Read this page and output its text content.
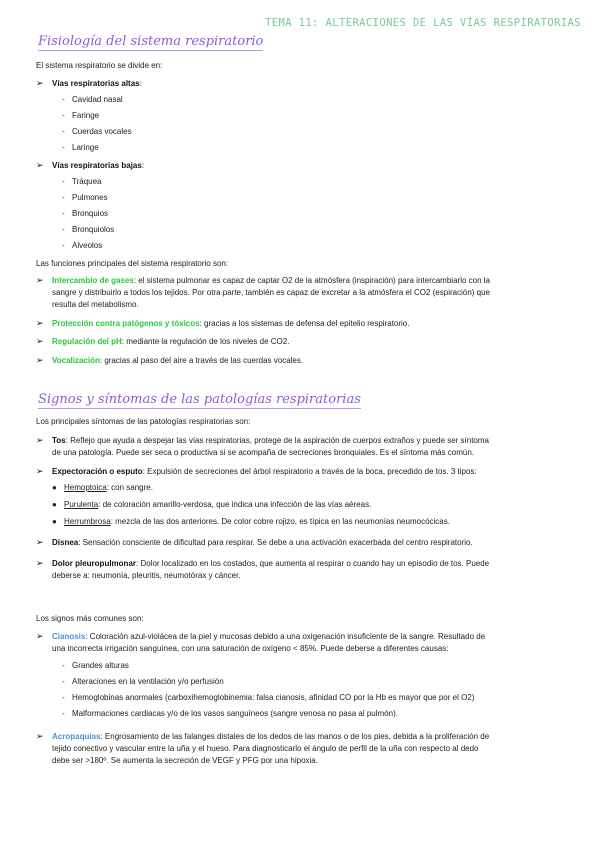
TEMA 11: ALTERACIONES DE LAS VÍAS RESPIRATORIAS
Fisiología del sistema respiratorio
El sistema respiratorio se divide en:
➢ Vías respiratorias altas:
- Cavidad nasal
- Faringe
- Cuerdas vocales
- Laringe
➢ Vías respiratorias bajas:
- Tráquea
- Pulmones
- Bronquios
- Bronquiolos
- Alveolos
Las funciones principales del sistema respiratorio son:
➢ Intercambio de gases: el sistema pulmonar es capaz de captar O2 de la atmósfera (inspiración) para intercambiarlo con la
sangre y distribuirlo a todos los tejidos. Por otra parte, también es capaz de excretar a la atmósfera el CO2 (espiración) que
resulta del metabolismo.
➢ Protección contra patógenos y tóxicos: gracias a los sistemas de defensa del epitelio respiratorio.
➢ Regulación del pH: mediante la regulación de los niveles de CO2.
➢ Vocalización: gracias al paso del aire a través de las cuerdas vocales.
Signos y síntomas de las patologías respiratorias
Los principales síntomas de las patologías respiratorias son:
➢ Tos: Reflejo que ayuda a despejar las vías respiratorias, protege de la aspiración de cuerpos extraños y puede ser síntoma
de una patología. Puede ser seca o productiva si se acompaña de secreciones bronquiales. Es el síntoma más común.
➢ Expectoración o esputo: Expulsión de secreciones del árbol respiratorio a través de la boca, precedido de tos. 3 tipos:
● Hemoptoica: con sangre.
● Purulenta: de coloración amarillo-verdosa, que indica una infección de las vías aéreas.
● Herrumbrosa: mezcla de las dos anteriores. De color cobre rojizo, es típica en las neumonías neumocócicas.
➢ Disnea: Sensación consciente de dificultad para respirar. Se debe a una activación exacerbada del centro respiratorio.
➢ Dolor pleuropulmonar: Dolor localizado en los costados, que aumenta al respirar o cuando hay un episodio de tos. Puede
deberse a: neumonía, pleuritis, neumotórax y cáncer.
Los signos más comunes son:
➢ Cianosis: Coloración azul-violácea de la piel y mucosas debido a una oxigenación insuficiente de la sangre. Resultado de
una incorrecta irrigación sanguínea, con una saturación de oxígeno < 85%. Puede deberse a diferentes causas:
- Grandes alturas
- Alteraciones en la ventilación y/o perfusión
- Hemoglobinas anormales (carboxihemoglobinemia: falsa cianosis, afinidad CO por la Hb es mayor que por el O2)
- Malformaciones cardiacas y/o de los vasos sanguíneos (sangre venosa no pasa al pulmón).
➢ Acropaquias: Engrosamiento de las falanges distales de los dedos de las manos o de los pies, debida a la proliferación de
tejido conectivo y vascular entre la uña y el hueso. Para diagnosticarlo el ángulo de perfil de la uña con respecto al dedo
debe ser >180º. Se aumenta la secreción de VEGF y PFG por una hipoxia.
